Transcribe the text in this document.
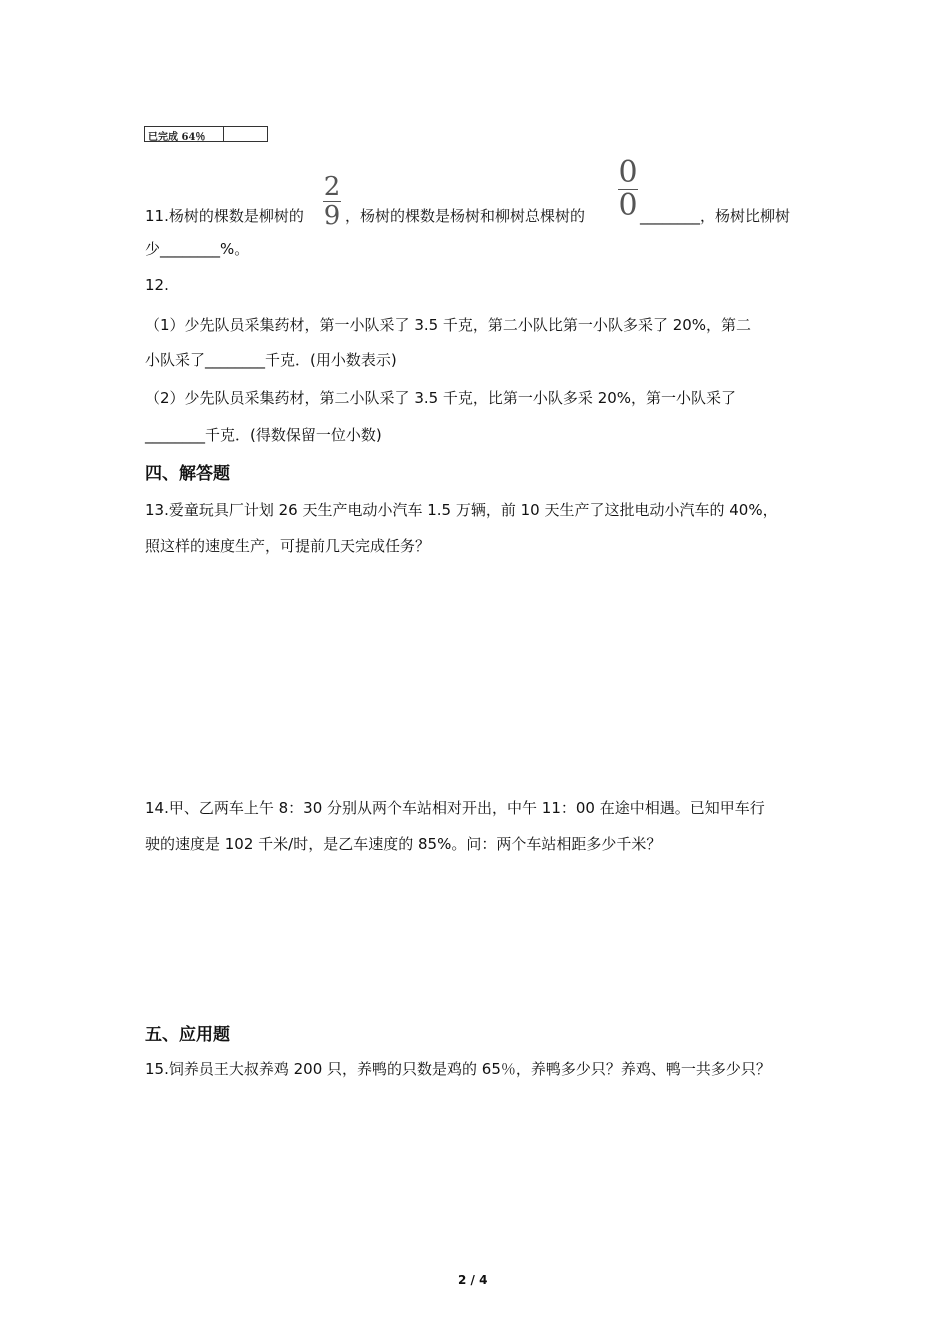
已完成 64％
11.杨树的棵数是柳树的
2
9 ，杨树的棵数是杨树和柳树总棵树的
0
0 ________，杨树比柳树
少________%。
12.
（1）少先队员采集药材，第一小队采了 3.5 千克，第二小队比第一小队多采了 20%，第二
小队采了________千克．(用小数表示)
（2）少先队员采集药材，第二小队采了 3.5 千克，比第一小队多采 20%，第一小队采了
________千克．(得数保留一位小数)
四、解答题
13.爱童玩具厂计划 26 天生产电动小汽车 1.5 万辆，前 10 天生产了这批电动小汽车的 40%，
照这样的速度生产，可提前几天完成任务？
14.甲、乙两车上午 8：30 分别从两个车站相对开出，中午 11：00 在途中相遇。已知甲车行
驶的速度是 102 千米/时，是乙车速度的 85%。问：两个车站相距多少千米？
五、应用题
15.饲养员王大叔养鸡 200 只，养鸭的只数是鸡的 65％，养鸭多少只？养鸡、鸭一共多少只？
2 / 4
